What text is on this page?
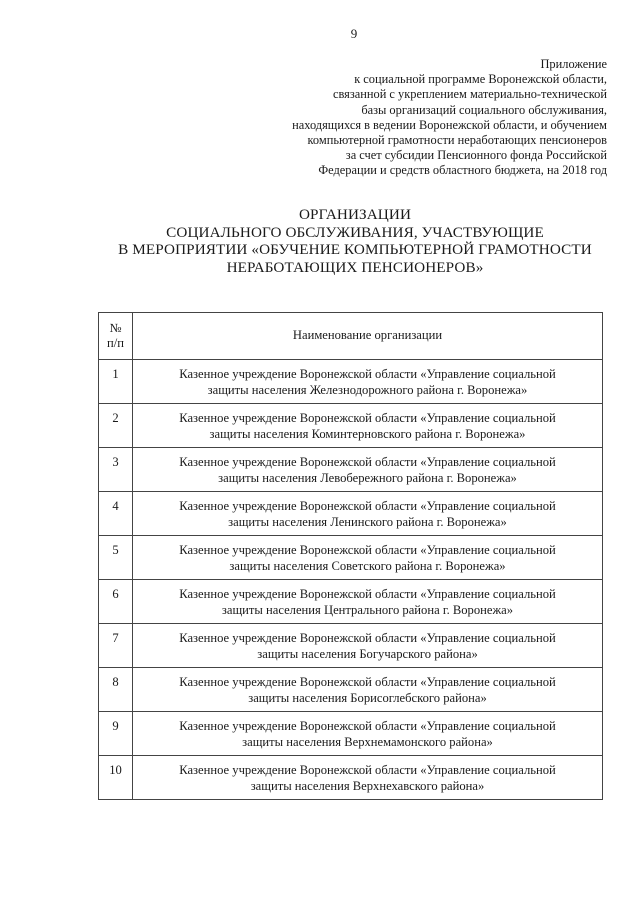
9
Приложение
к социальной программе Воронежской области,
связанной с укреплением материально-технической
базы организаций социального обслуживания,
находящихся в ведении Воронежской области, и обучением
компьютерной грамотности неработающих пенсионеров
за счет субсидии Пенсионного фонда Российской
Федерации и средств областного бюджета, на 2018 год
ОРГАНИЗАЦИИ
СОЦИАЛЬНОГО ОБСЛУЖИВАНИЯ, УЧАСТВУЮЩИЕ
В МЕРОПРИЯТИИ «ОБУЧЕНИЕ КОМПЬЮТЕРНОЙ ГРАМОТНОСТИ
НЕРАБОТАЮЩИХ ПЕНСИОНЕРОВ»
№
п/п	Наименование организации
1	Казенное учреждение Воронежской области «Управление социальной
защиты населения Железнодорожного района г. Воронежа»

2	Казенное учреждение Воронежской области «Управление социальной
защиты населения Коминтерновского района г. Воронежа»

3	Казенное учреждение Воронежской области «Управление социальной
защиты населения Левобережного района г. Воронежа»

4	Казенное учреждение Воронежской области «Управление социальной
защиты населения Ленинского района г. Воронежа»

5	Казенное учреждение Воронежской области «Управление социальной
защиты населения Советского района г. Воронежа»

6	Казенное учреждение Воронежской области «Управление социальной
защиты населения Центрального района г. Воронежа»

7	Казенное учреждение Воронежской области «Управление социальной
защиты населения Богучарского района»

8	Казенное учреждение Воронежской области «Управление социальной
защиты населения Борисоглебского района»

9	Казенное учреждение Воронежской области «Управление социальной
защиты населения Верхнемамонского района»

10	Казенное учреждение Воронежской области «Управление социальной
защиты населения Верхнехавского района»
